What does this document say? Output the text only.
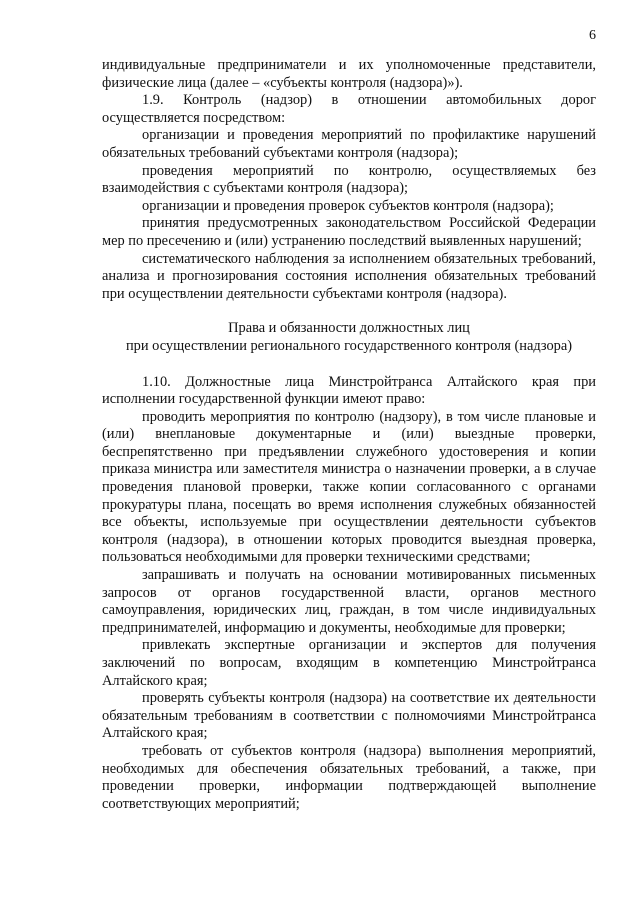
6

индивидуальные предприниматели и их уполномоченные представители, физические лица (далее – «субъекты контроля (надзора)»).

1.9. Контроль (надзор) в отношении автомобильных дорог осуществляется посредством:

организации и проведения мероприятий по профилактике нарушений обязательных требований субъектами контроля (надзора);

проведения мероприятий по контролю, осуществляемых без взаимодействия с субъектами контроля (надзора);

организации и проведения проверок субъектов контроля (надзора);

принятия предусмотренных законодательством Российской Федерации мер по пресечению и (или) устранению последствий выявленных нарушений;

систематического наблюдения за исполнением обязательных требований, анализа и прогнозирования состояния исполнения обязательных требований при осуществлении деятельности субъектами контроля (надзора).

Права и обязанности должностных лиц
при осуществлении регионального государственного контроля (надзора)

1.10. Должностные лица Минстройтранса Алтайского края при исполнении государственной функции имеют право:

проводить мероприятия по контролю (надзору), в том числе плановые и (или) внеплановые документарные и (или) выездные проверки, беспрепятственно при предъявлении служебного удостоверения и копии приказа министра или заместителя министра о назначении проверки, а в случае проведения плановой проверки, также копии согласованного с органами прокуратуры плана, посещать во время исполнения служебных обязанностей все объекты, используемые при осуществлении деятельности субъектов контроля (надзора), в отношении которых проводится выездная проверка, пользоваться необходимыми для проверки техническими средствами;

запрашивать и получать на основании мотивированных письменных запросов от органов государственной власти, органов местного самоуправления, юридических лиц, граждан, в том числе индивидуальных предпринимателей, информацию и документы, необходимые для проверки;

привлекать экспертные организации и экспертов для получения заключений по вопросам, входящим в компетенцию Минстройтранса Алтайского края;

проверять субъекты контроля (надзора) на соответствие их деятельности обязательным требованиям в соответствии с полномочиями Минстройтранса Алтайского края;

требовать от субъектов контроля (надзора) выполнения мероприятий, необходимых для обеспечения обязательных требований, а также, при проведении проверки, информации подтверждающей выполнение соответствующих мероприятий;
